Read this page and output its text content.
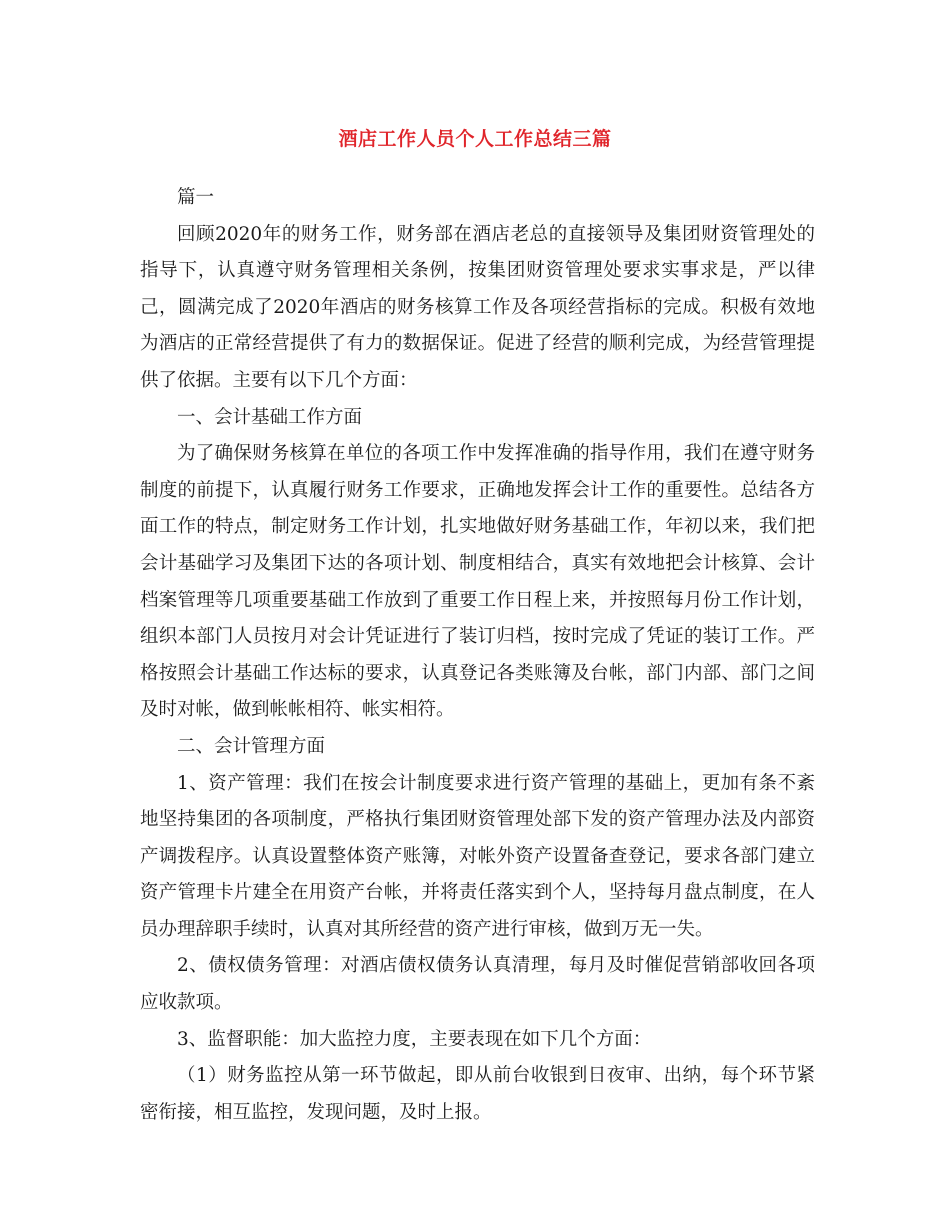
酒店工作人员个人工作总结三篇

篇一

回顾2020年的财务工作，财务部在酒店老总的直接领导及集团财资管理处的指导下，认真遵守财务管理相关条例，按集团财资管理处要求实事求是，严以律己，圆满完成了2020年酒店的财务核算工作及各项经营指标的完成。积极有效地为酒店的正常经营提供了有力的数据保证。促进了经营的顺利完成，为经营管理提供了依据。主要有以下几个方面：

一、会计基础工作方面

为了确保财务核算在单位的各项工作中发挥准确的指导作用，我们在遵守财务制度的前提下，认真履行财务工作要求，正确地发挥会计工作的重要性。总结各方面工作的特点，制定财务工作计划，扎实地做好财务基础工作，年初以来，我们把会计基础学习及集团下达的各项计划、制度相结合，真实有效地把会计核算、会计档案管理等几项重要基础工作放到了重要工作日程上来，并按照每月份工作计划，组织本部门人员按月对会计凭证进行了装订归档，按时完成了凭证的装订工作。严格按照会计基础工作达标的要求，认真登记各类账簿及台帐，部门内部、部门之间及时对帐，做到帐帐相符、帐实相符。

二、会计管理方面

1、资产管理：我们在按会计制度要求进行资产管理的基础上，更加有条不紊地坚持集团的各项制度，严格执行集团财资管理处部下发的资产管理办法及内部资产调拨程序。认真设置整体资产账簿，对帐外资产设置备查登记，要求各部门建立资产管理卡片建全在用资产台帐，并将责任落实到个人，坚持每月盘点制度，在人员办理辞职手续时，认真对其所经营的资产进行审核，做到万无一失。

2、债权债务管理：对酒店债权债务认真清理，每月及时催促营销部收回各项应收款项。

3、监督职能：加大监控力度，主要表现在如下几个方面：

（1）财务监控从第一环节做起，即从前台收银到日夜审、出纳，每个环节紧密衔接，相互监控，发现问题，及时上报。
